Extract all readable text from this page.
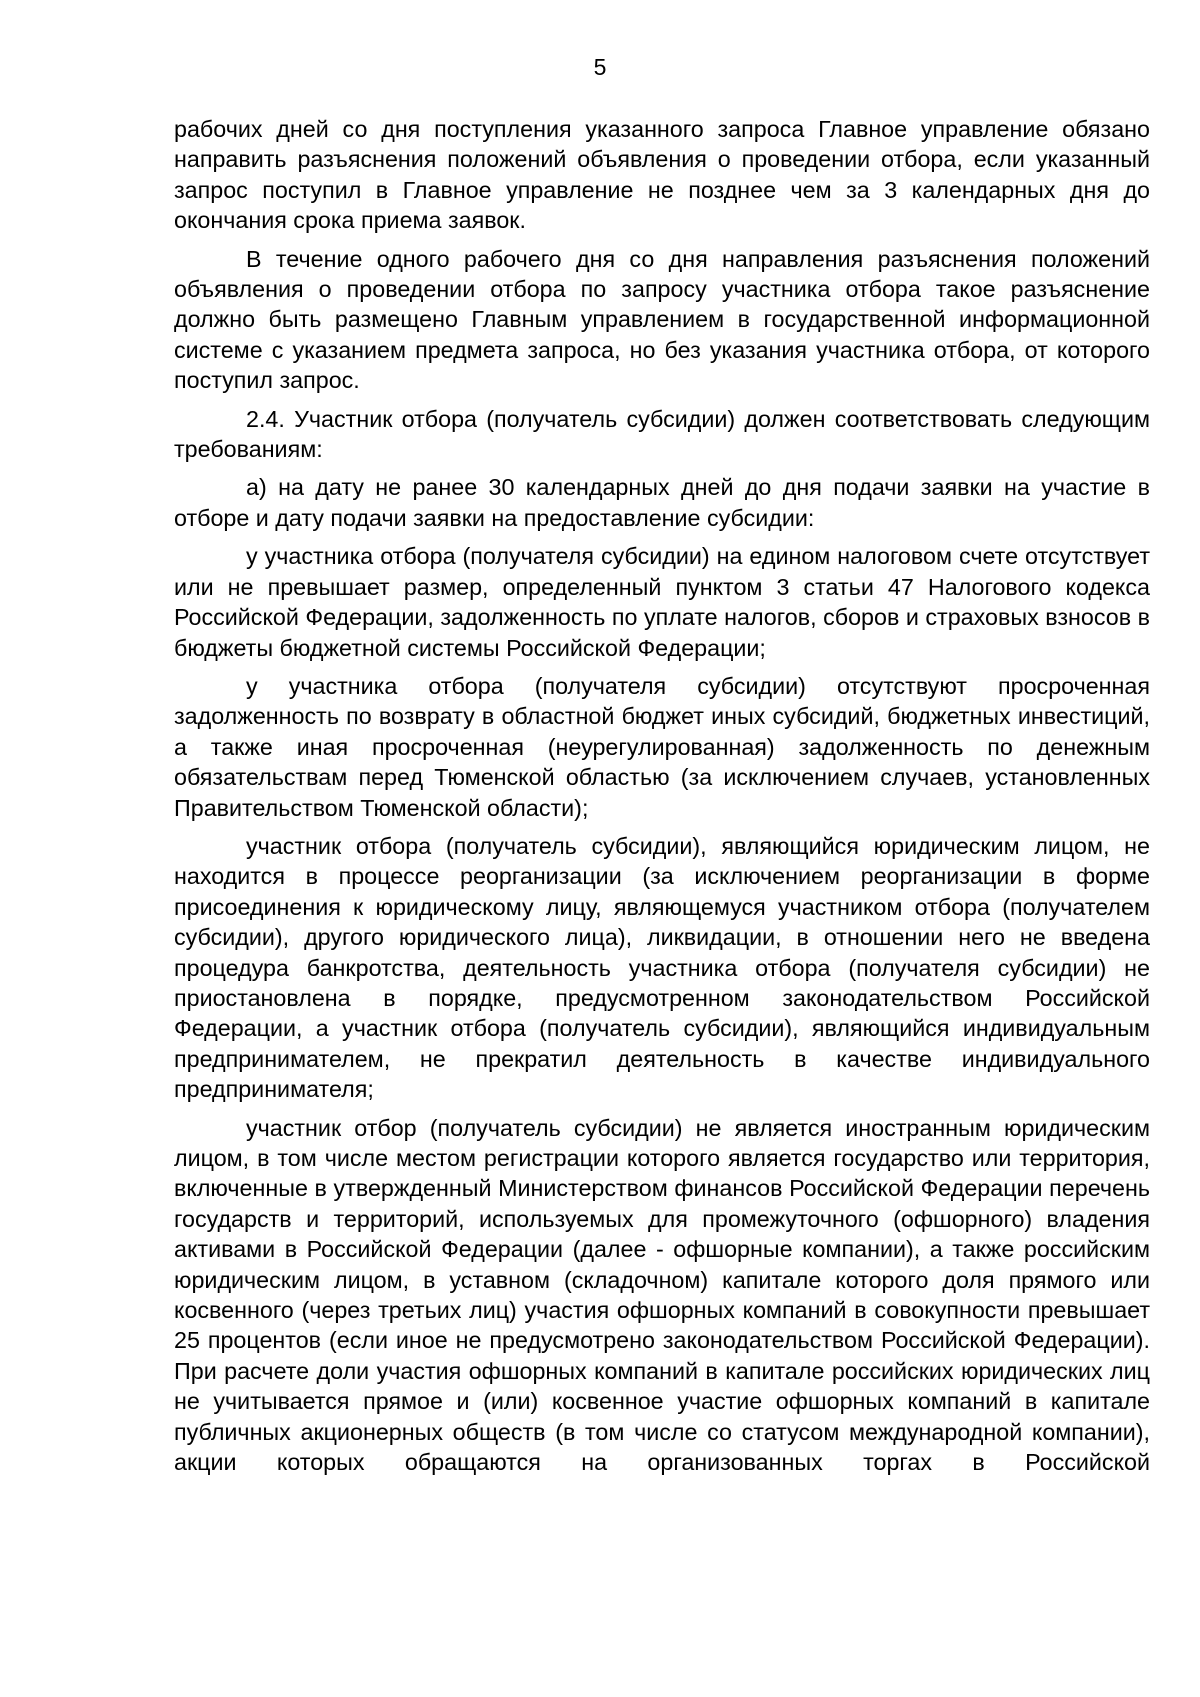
5

рабочих дней со дня поступления указанного запроса Главное управление обязано направить разъяснения положений объявления о проведении отбора, если указанный запрос поступил в Главное управление не позднее чем за 3 календарных дня до окончания срока приема заявок.

В течение одного рабочего дня со дня направления разъяснения положений объявления о проведении отбора по запросу участника отбора такое разъяснение должно быть размещено Главным управлением в государственной информационной системе с указанием предмета запроса, но без указания участника отбора, от которого поступил запрос.

2.4. Участник отбора (получатель субсидии) должен соответствовать следующим требованиям:

а) на дату не ранее 30 календарных дней до дня подачи заявки на участие в отборе и дату подачи заявки на предоставление субсидии:

у участника отбора (получателя субсидии) на едином налоговом счете отсутствует или не превышает размер, определенный пунктом 3 статьи 47 Налогового кодекса Российской Федерации, задолженность по уплате налогов, сборов и страховых взносов в бюджеты бюджетной системы Российской Федерации;

у участника отбора (получателя субсидии) отсутствуют просроченная задолженность по возврату в областной бюджет иных субсидий, бюджетных инвестиций, а также иная просроченная (неурегулированная) задолженность по денежным обязательствам перед Тюменской областью (за исключением случаев, установленных Правительством Тюменской области);

участник отбора (получатель субсидии), являющийся юридическим лицом, не находится в процессе реорганизации (за исключением реорганизации в форме присоединения к юридическому лицу, являющемуся участником отбора (получателем субсидии), другого юридического лица), ликвидации, в отношении него не введена процедура банкротства, деятельность участника отбора (получателя субсидии) не приостановлена в порядке, предусмотренном законодательством Российской Федерации, а участник отбора (получатель субсидии), являющийся индивидуальным предпринимателем, не прекратил деятельность в качестве индивидуального предпринимателя;

участник отбор (получатель субсидии) не является иностранным юридическим лицом, в том числе местом регистрации которого является государство или территория, включенные в утвержденный Министерством финансов Российской Федерации перечень государств и территорий, используемых для промежуточного (офшорного) владения активами в Российской Федерации (далее - офшорные компании), а также российским юридическим лицом, в уставном (складочном) капитале которого доля прямого или косвенного (через третьих лиц) участия офшорных компаний в совокупности превышает 25 процентов (если иное не предусмотрено законодательством Российской Федерации). При расчете доли участия офшорных компаний в капитале российских юридических лиц не учитывается прямое и (или) косвенное участие офшорных компаний в капитале публичных акционерных обществ (в том числе со статусом международной компании), акции которых обращаются на организованных торгах в Российской
